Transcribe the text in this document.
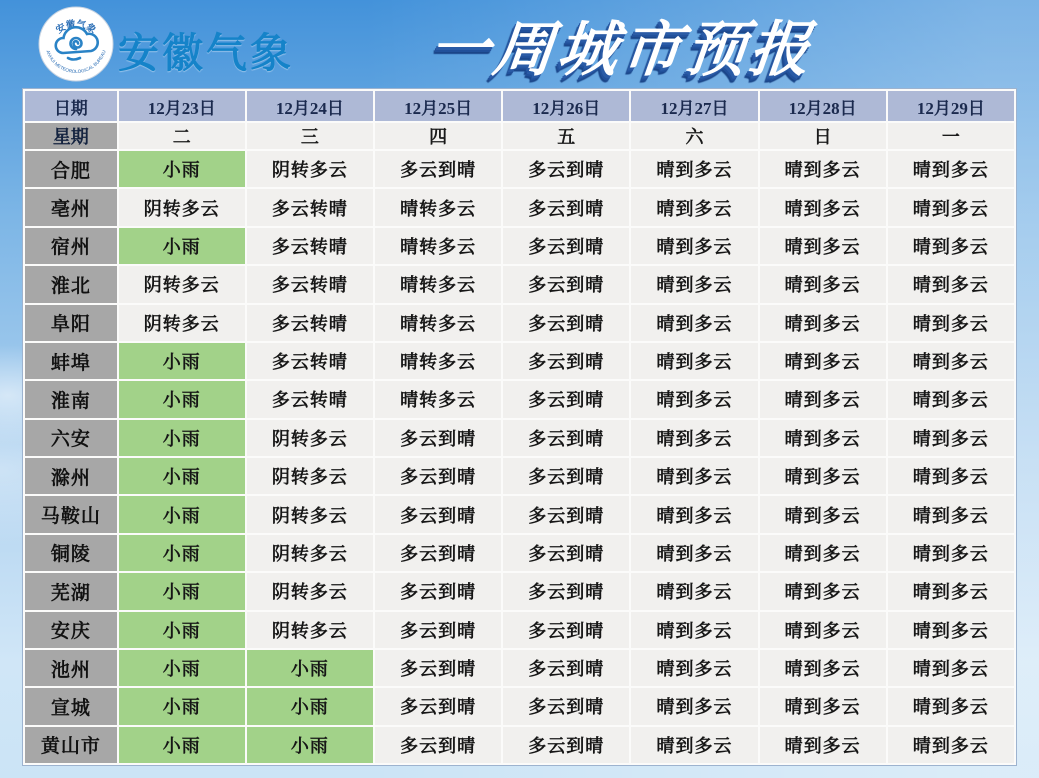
安徽气象
ANHUI METEOROLOGICAL BUREAU 安徽气象	一周城市预报
日期	12月23日	12月24日	12月25日	12月26日	12月27日	12月28日	12月29日
星期	二	三	四	五	六	日	一
合肥	小雨	阴转多云	多云到晴	多云到晴	晴到多云	晴到多云	晴到多云
亳州	阴转多云	多云转晴	晴转多云	多云到晴	晴到多云	晴到多云	晴到多云
宿州	小雨	多云转晴	晴转多云	多云到晴	晴到多云	晴到多云	晴到多云
淮北	阴转多云	多云转晴	晴转多云	多云到晴	晴到多云	晴到多云	晴到多云
阜阳	阴转多云	多云转晴	晴转多云	多云到晴	晴到多云	晴到多云	晴到多云
蚌埠	小雨	多云转晴	晴转多云	多云到晴	晴到多云	晴到多云	晴到多云
淮南	小雨	多云转晴	晴转多云	多云到晴	晴到多云	晴到多云	晴到多云
六安	小雨	阴转多云	多云到晴	多云到晴	晴到多云	晴到多云	晴到多云
滁州	小雨	阴转多云	多云到晴	多云到晴	晴到多云	晴到多云	晴到多云
马鞍山	小雨	阴转多云	多云到晴	多云到晴	晴到多云	晴到多云	晴到多云
铜陵	小雨	阴转多云	多云到晴	多云到晴	晴到多云	晴到多云	晴到多云
芜湖	小雨	阴转多云	多云到晴	多云到晴	晴到多云	晴到多云	晴到多云
安庆	小雨	阴转多云	多云到晴	多云到晴	晴到多云	晴到多云	晴到多云
池州	小雨	小雨	多云到晴	多云到晴	晴到多云	晴到多云	晴到多云
宣城	小雨	小雨	多云到晴	多云到晴	晴到多云	晴到多云	晴到多云
黄山市	小雨	小雨	多云到晴	多云到晴	晴到多云	晴到多云	晴到多云
